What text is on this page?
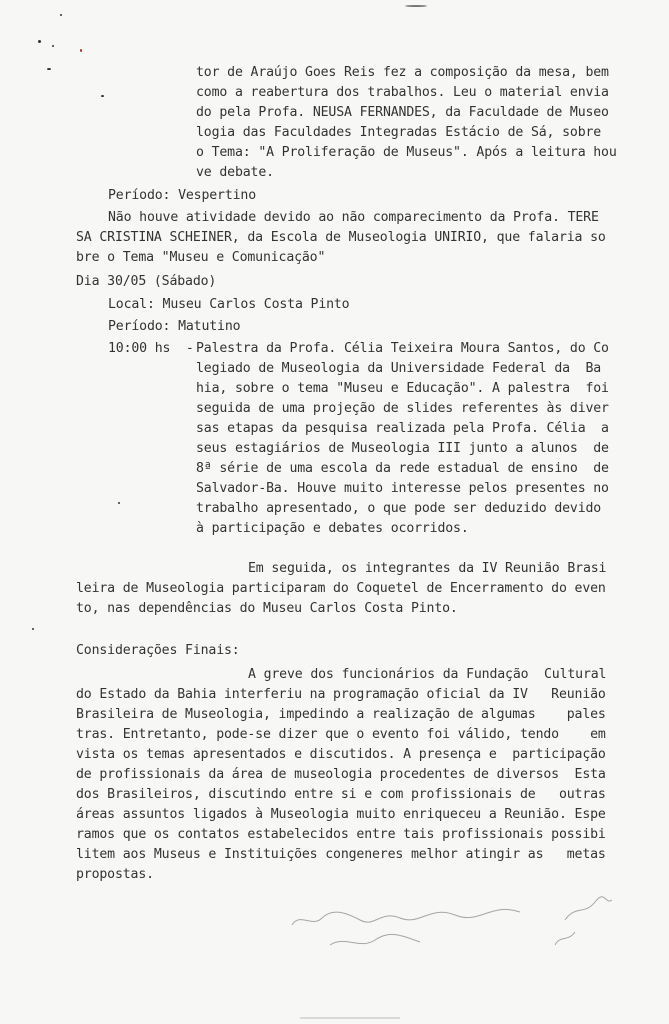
tor de Araújo Goes Reis fez a composição da mesa, bem
como a reabertura dos trabalhos. Leu o material envia
do pela Profa. NEUSA FERNANDES, da Faculdade de Museo
logia das Faculdades Integradas Estácio de Sá, sobre
o Tema: "A Proliferação de Museus". Após a leitura hou
ve debate.
Período: Vespertino
Não houve atividade devido ao não comparecimento da Profa. TERE
SA CRISTINA SCHEINER, da Escola de Museologia UNIRIO, que falaria so
bre o Tema "Museu e Comunicação"
Dia 30/05 (Sábado)
Local: Museu Carlos Costa Pinto
Período: Matutino
10:00 hs  - Palestra da Profa. Célia Teixeira Moura Santos, do Co
legiado de Museologia da Universidade Federal da  Ba
hia, sobre o tema "Museu e Educação". A palestra  foi
seguida de uma projeção de slides referentes às diver
sas etapas da pesquisa realizada pela Profa. Célia  a
seus estagiários de Museologia III junto a alunos  de
8ª série de uma escola da rede estadual de ensino  de
Salvador-Ba. Houve muito interesse pelos presentes no
trabalho apresentado, o que pode ser deduzido devido
à participação e debates ocorridos.
Em seguida, os integrantes da IV Reunião Brasi
leira de Museologia participaram do Coquetel de Encerramento do even
to, nas dependências do Museu Carlos Costa Pinto.
Considerações Finais:
A greve dos funcionários da Fundação  Cultural
do Estado da Bahia interferiu na programação oficial da IV   Reunião
Brasileira de Museologia, impedindo a realização de algumas    pales
tras. Entretanto, pode-se dizer que o evento foi válido, tendo    em
vista os temas apresentados e discutidos. A presença e  participação
de profissionais da área de museologia procedentes de diversos  Esta
dos Brasileiros, discutindo entre si e com profissionais de   outras
áreas assuntos ligados à Museologia muito enriqueceu a Reunião. Espe
ramos que os contatos estabelecidos entre tais profissionais possibi
litem aos Museus e Instituições congeneres melhor atingir as   metas
propostas.
